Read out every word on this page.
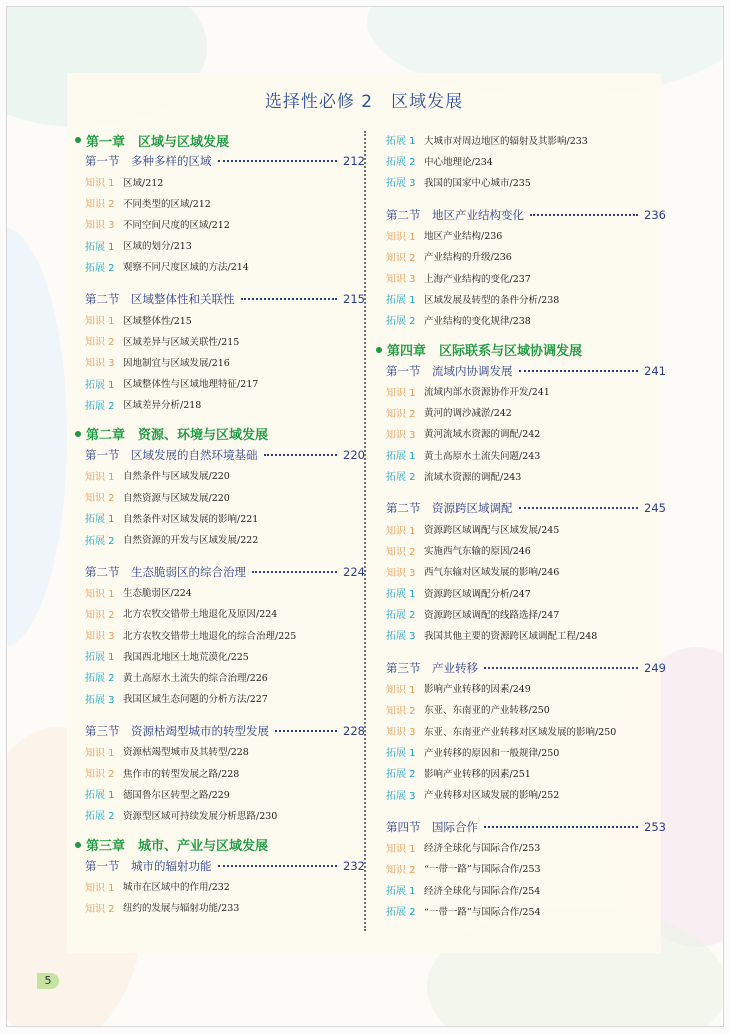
选择性必修 2　区域发展
第一章　区域与区域发展
第一节　多种多样的区域	212
知识 1 区域/212
知识 2 不同类型的区域/212
知识 3 不同空间尺度的区域/212
拓展 1 区域的划分/213
拓展 2 观察不同尺度区域的方法/214
第二节　区域整体性和关联性	215
知识 1 区域整体性/215
知识 2 区域差异与区域关联性/215
知识 3 因地制宜与区域发展/216
拓展 1 区域整体性与区域地理特征/217
拓展 2 区域差异分析/218
第二章　资源、环境与区域发展
第一节　区域发展的自然环境基础	220
知识 1 自然条件与区域发展/220
知识 2 自然资源与区域发展/220
拓展 1 自然条件对区域发展的影响/221
拓展 2 自然资源的开发与区域发展/222
第二节　生态脆弱区的综合治理	224
知识 1 生态脆弱区/224
知识 2 北方农牧交错带土地退化及原因/224
知识 3 北方农牧交错带土地退化的综合治理/225
拓展 1 我国西北地区土地荒漠化/225
拓展 2 黄土高原水土流失的综合治理/226
拓展 3 我国区域生态问题的分析方法/227
第三节　资源枯竭型城市的转型发展	228
知识 1 资源枯竭型城市及其转型/228
知识 2 焦作市的转型发展之路/228
拓展 1 德国鲁尔区转型之路/229
拓展 2 资源型区域可持续发展分析思路/230
第三章　城市、产业与区域发展
第一节　城市的辐射功能	232
知识 1 城市在区域中的作用/232
知识 2 纽约的发展与辐射功能/233
拓展 1 大城市对周边地区的辐射及其影响/233
拓展 2 中心地理论/234
拓展 3 我国的国家中心城市/235
第二节　地区产业结构变化	236
知识 1 地区产业结构/236
知识 2 产业结构的升级/236
知识 3 上海产业结构的变化/237
拓展 1 区域发展及转型的条件分析/238
拓展 2 产业结构的变化规律/238
第四章　区际联系与区域协调发展
第一节　流域内协调发展	241
知识 1 流域内部水资源协作开发/241
知识 2 黄河的调沙减淤/242
知识 3 黄河流域水资源的调配/242
拓展 1 黄土高原水土流失问题/243
拓展 2 流域水资源的调配/243
第二节　资源跨区域调配	245
知识 1 资源跨区域调配与区域发展/245
知识 2 实施西气东输的原因/246
知识 3 西气东输对区域发展的影响/246
拓展 1 资源跨区域调配分析/247
拓展 2 资源跨区域调配的线路选择/247
拓展 3 我国其他主要的资源跨区域调配工程/248
第三节　产业转移	249
知识 1 影响产业转移的因素/249
知识 2 东亚、东南亚的产业转移/250
知识 3 东亚、东南亚产业转移对区域发展的影响/250
拓展 1 产业转移的原因和一般规律/250
拓展 2 影响产业转移的因素/251
拓展 3 产业转移对区域发展的影响/252
第四节　国际合作	253
知识 1 经济全球化与国际合作/253
知识 2 “一带一路”与国际合作/253
拓展 1 经济全球化与国际合作/254
拓展 2 “一带一路”与国际合作/254
5
